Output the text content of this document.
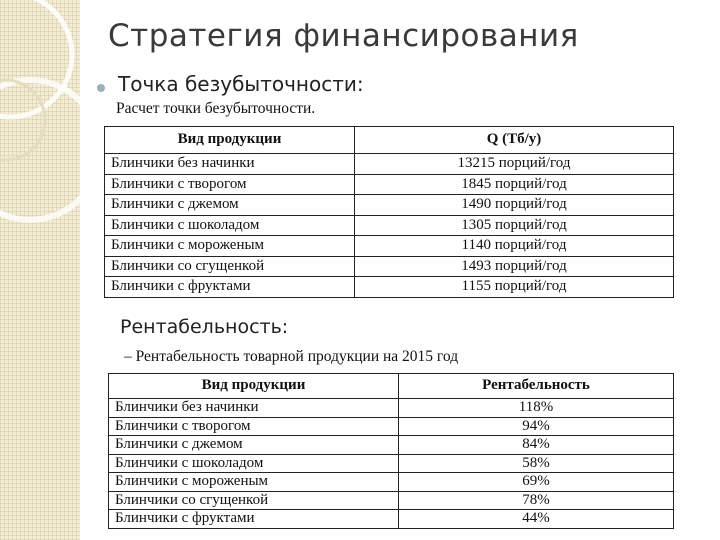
Стратегия финансирования
Точка безубыточности:
Расчет точки безубыточности.
Вид продукции	Q (Тб/у)
Блинчики без начинки	13215 порций/год
Блинчики с творогом	1845 порций/год
Блинчики с джемом	1490 порций/год
Блинчики с шоколадом	1305 порций/год
Блинчики с мороженым	1140 порций/год
Блинчики со сгущенкой	1493 порций/год
Блинчики с фруктами	1155 порций/год
Рентабельность:
– Рентабельность товарной продукции на 2015 год
Вид продукции	Рентабельность
Блинчики без начинки	118%
Блинчики с творогом	94%
Блинчики с джемом	84%
Блинчики с шоколадом	58%
Блинчики с мороженым	69%
Блинчики со сгущенкой	78%
Блинчики с фруктами	44%
